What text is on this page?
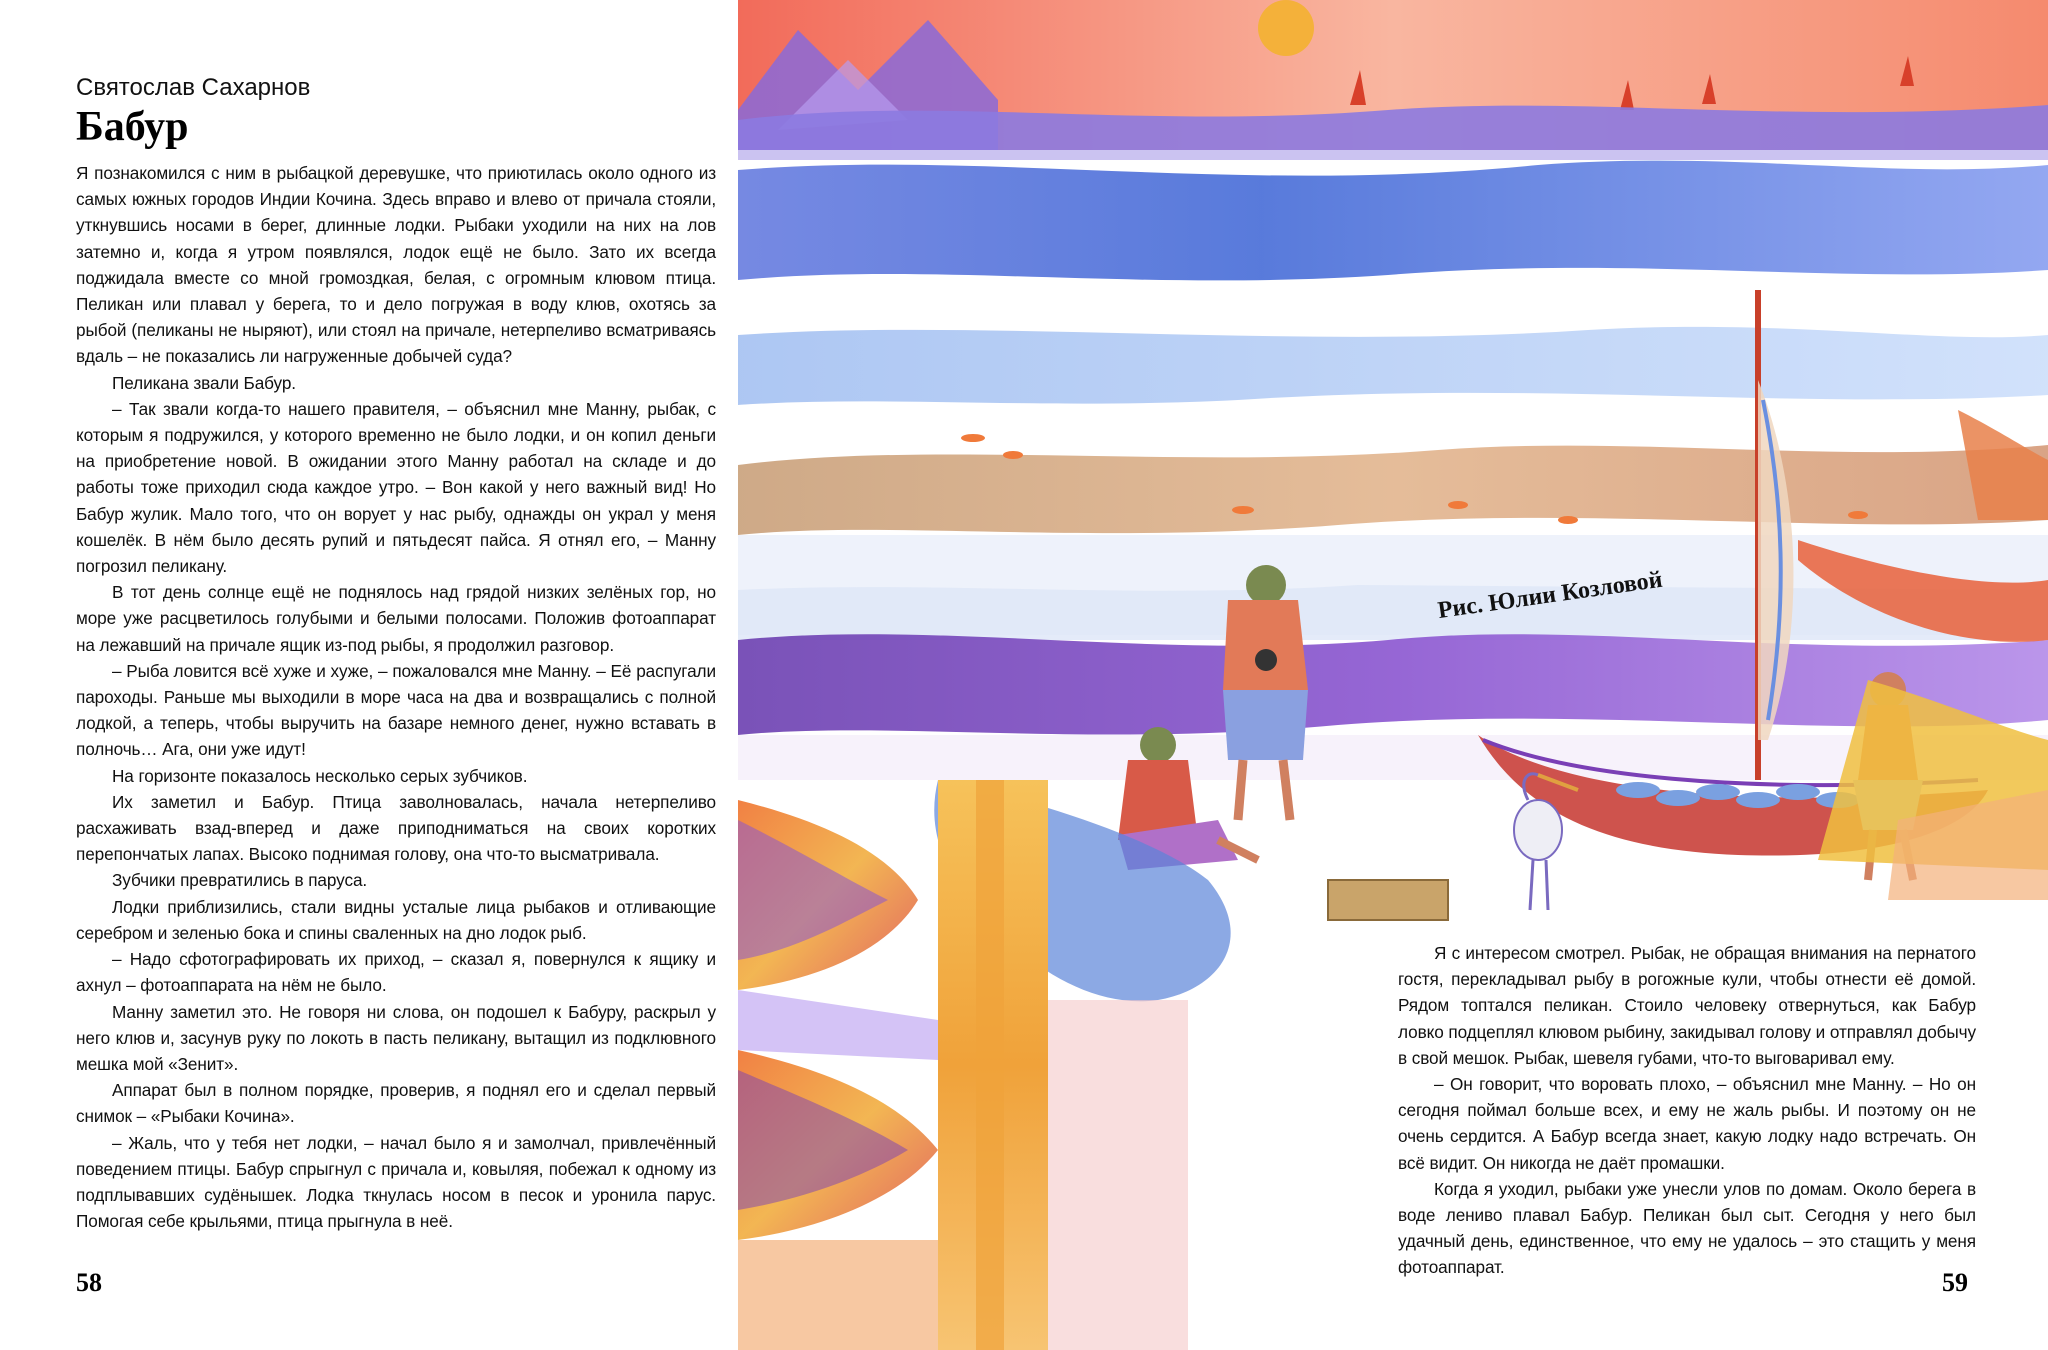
Святослав Сахарнов

Бабур

Я познакомился с ним в рыбацкой деревушке, что приютилась около одного из самых южных городов Индии Кочина. Здесь вправо и влево от причала стояли, уткнувшись носами в берег, длинные лодки. Рыбаки уходили на них на лов затемно и, когда я утром появлялся, лодок ещё не было. Зато их всегда поджидала вместе со мной громоздкая, белая, с огромным клювом птица. Пеликан или плавал у берега, то и дело погружая в воду клюв, охотясь за рыбой (пеликаны не ныряют), или стоял на причале, нетерпеливо всматриваясь вдаль – не показались ли нагруженные добычей суда?

Пеликана звали Бабур.

– Так звали когда-то нашего правителя, – объяснил мне Манну, рыбак, с которым я подружился, у которого временно не было лодки, и он копил деньги на приобретение новой. В ожидании этого Манну работал на складе и до работы тоже приходил сюда каждое утро. – Вон какой у него важный вид! Но Бабур жулик. Мало того, что он ворует у нас рыбу, однажды он украл у меня кошелёк. В нём было десять рупий и пятьдесят пайса. Я отнял его, – Манну погрозил пеликану.

В тот день солнце ещё не поднялось над грядой низких зелёных гор, но море уже расцветилось голубыми и белыми полосами. Положив фотоаппарат на лежавший на причале ящик из-под рыбы, я продолжил разговор.

– Рыба ловится всё хуже и хуже, – пожаловался мне Манну. – Её распугали пароходы. Раньше мы выходили в море часа на два и возвращались с полной лодкой, а теперь, чтобы выручить на базаре немного денег, нужно вставать в полночь… Ага, они уже идут!

На горизонте показалось несколько серых зубчиков.

Их заметил и Бабур. Птица заволновалась, начала нетерпеливо расхаживать взад-вперед и даже приподниматься на своих коротких перепончатых лапах. Высоко поднимая голову, она что-то высматривала.

Зубчики превратились в паруса.

Лодки приблизились, стали видны усталые лица рыбаков и отливающие серебром и зеленью бока и спины сваленных на дно лодок рыб.

– Надо сфотографировать их приход, – сказал я, повернулся к ящику и ахнул – фотоаппарата на нём не было.

Манну заметил это. Не говоря ни слова, он подошел к Бабуру, раскрыл у него клюв и, засунув руку по локоть в пасть пеликану, вытащил из подклювного мешка мой «Зенит».

Аппарат был в полном порядке, проверив, я поднял его и сделал первый снимок – «Рыбаки Кочина».

– Жаль, что у тебя нет лодки, – начал было я и замолчал, привлечённый поведением птицы. Бабур спрыгнул с причала и, ковыляя, побежал к одному из подплывавших судёнышек. Лодка ткнулась носом в песок и уронила парус. Помогая себе крыльями, птица прыгнула в неё.

58
Рис. Юлии Козловой

Я с интересом смотрел. Рыбак, не обращая внимания на пернатого гостя, перекладывал рыбу в рогожные кули, чтобы отнести её домой. Рядом топтался пеликан. Стоило человеку отвернуться, как Бабур ловко подцеплял клювом рыбину, закидывал голову и отправлял добычу в свой мешок. Рыбак, шевеля губами, что-то выговаривал ему.

– Он говорит, что воровать плохо, – объяснил мне Манну. – Но он сегодня поймал больше всех, и ему не жаль рыбы. И поэтому он не очень сердится. А Бабур всегда знает, какую лодку надо встречать. Он всё видит. Он никогда не даёт промашки.

Когда я уходил, рыбаки уже унесли улов по домам. Около берега в воде лениво плавал Бабур. Пеликан был сыт. Сегодня у него был удачный день, единственное, что ему не удалось – это стащить у меня фотоаппарат.

59
